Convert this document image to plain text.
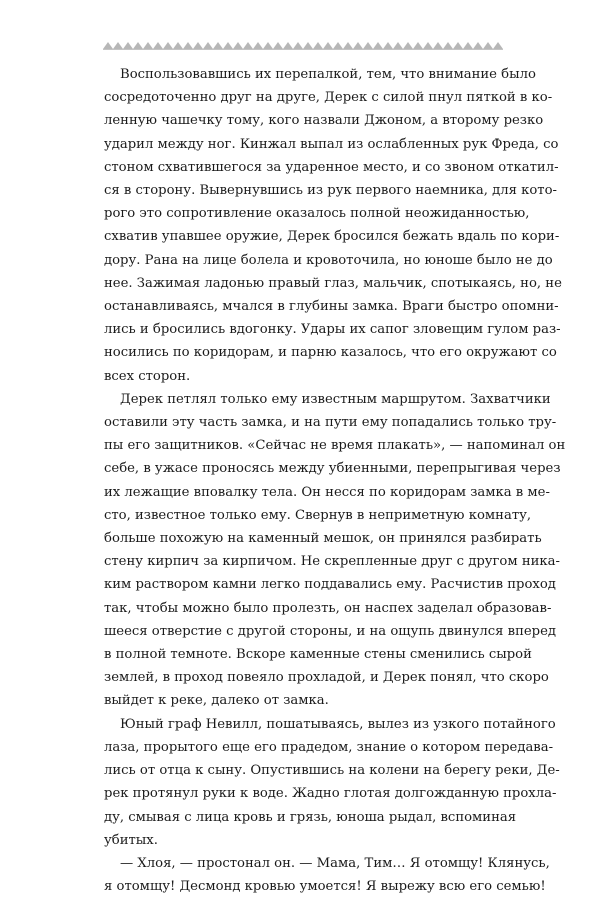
Воспользовавшись их перепалкой, тем, что внимание было
сосредоточенно друг на друге, Дерек с силой пнул пяткой в ко-
ленную чашечку тому, кого назвали Джоном, а второму резко
ударил между ног. Кинжал выпал из ослабленных рук Фреда, со
стоном схватившегося за ударенное место, и со звоном откатил-
ся в сторону. Вывернувшись из рук первого наемника, для кото-
рого это сопротивление оказалось полной неожиданностью,
схватив упавшее оружие, Дерек бросился бежать вдаль по кори-
дору. Рана на лице болела и кровоточила, но юноше было не до
нее. Зажимая ладонью правый глаз, мальчик, спотыкаясь, но, не
останавливаясь, мчался в глубины замка. Враги быстро опомни-
лись и бросились вдогонку. Удары их сапог зловещим гулом раз-
носились по коридорам, и парню казалось, что его окружают со
всех сторон.

Дерек петлял только ему известным маршрутом. Захватчики
оставили эту часть замка, и на пути ему попадались только тру-
пы его защитников. «Сейчас не время плакать», — напоминал он
себе, в ужасе проносясь между убиенными, перепрыгивая через
их лежащие вповалку тела. Он несся по коридорам замка в ме-
сто, известное только ему. Свернув в неприметную комнату,
больше похожую на каменный мешок, он принялся разбирать
стену кирпич за кирпичом. Не скрепленные друг с другом ника-
ким раствором камни легко поддавались ему. Расчистив проход
так, чтобы можно было пролезть, он наспех заделал образовав-
шееся отверстие с другой стороны, и на ощупь двинулся вперед
в полной темноте. Вскоре каменные стены сменились сырой
землей, в проход повеяло прохладой, и Дерек понял, что скоро
выйдет к реке, далеко от замка.

Юный граф Невилл, пошатываясь, вылез из узкого потайного
лаза, прорытого еще его прадедом, знание о котором передава-
лись от отца к сыну. Опустившись на колени на берегу реки, Де-
рек протянул руки к воде. Жадно глотая долгожданную прохла-
ду, смывая с лица кровь и грязь, юноша рыдал, вспоминая
убитых.

— Хлоя, — простонал он. — Мама, Тим… Я отомщу! Клянусь,
я отомщу! Десмонд кровью умоется! Я вырежу всю его семью!
